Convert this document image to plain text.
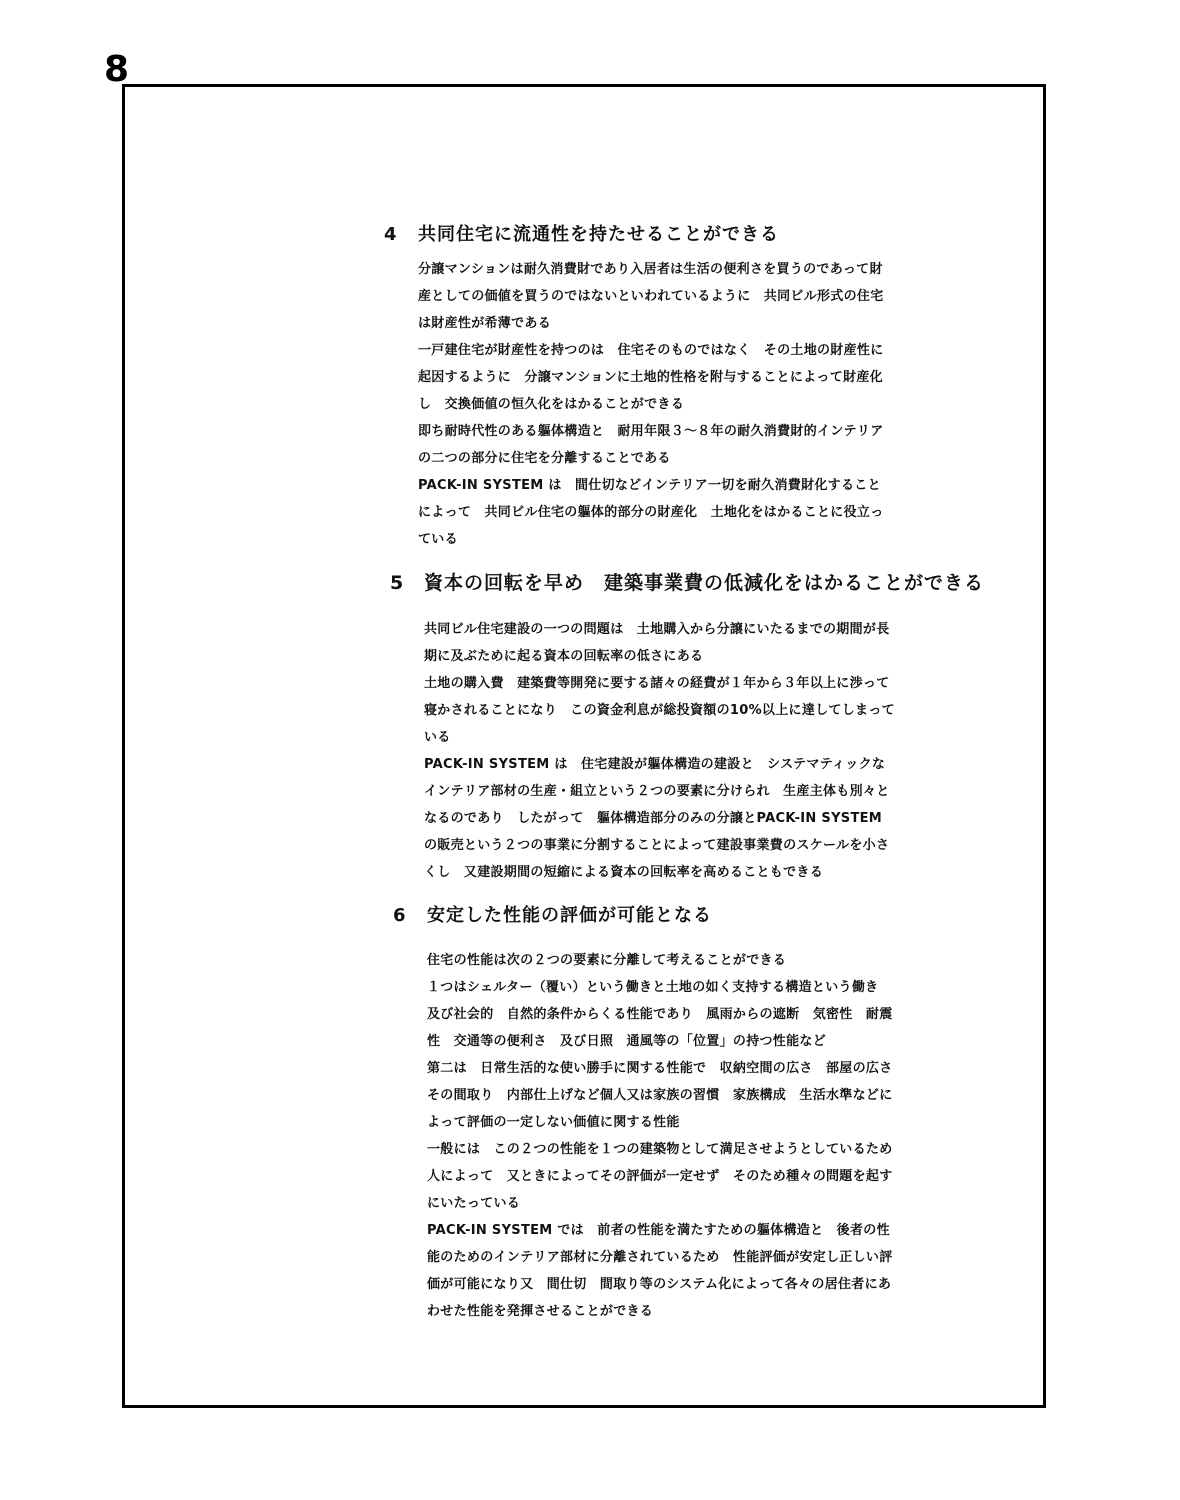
8
4 共同住宅に流通性を持たせることができる
分譲マンションは耐久消費財であり入居者は生活の便利さを買うのであって財
産としての価値を買うのではないといわれているように　共同ビル形式の住宅
は財産性が希薄である
一戸建住宅が財産性を持つのは　住宅そのものではなく　その土地の財産性に
起因するように　分譲マンションに土地的性格を附与することによって財産化
し　交換価値の恒久化をはかることができる
即ち耐時代性のある軀体構造と　耐用年限３～８年の耐久消費財的インテリア
の二つの部分に住宅を分離することである
PACK-IN SYSTEM は　間仕切などインテリア一切を耐久消費財化すること
によって　共同ビル住宅の軀体的部分の財産化　土地化をはかることに役立っ
ている
5 資本の回転を早め　建築事業費の低減化をはかることができる
共同ビル住宅建設の一つの問題は　土地購入から分譲にいたるまでの期間が長
期に及ぶために起る資本の回転率の低さにある
土地の購入費　建築費等開発に要する諸々の経費が１年から３年以上に渉って
寝かされることになり　この資金利息が総投資額の10%以上に達してしまって
いる
PACK-IN SYSTEM は　住宅建設が軀体構造の建設と　システマティックな
インテリア部材の生産・組立という２つの要素に分けられ　生産主体も別々と
なるのであり　したがって　軀体構造部分のみの分譲とPACK-IN SYSTEM
の販売という２つの事業に分割することによって建設事業費のスケールを小さ
くし　又建設期間の短縮による資本の回転率を高めることもできる
6 安定した性能の評価が可能となる
住宅の性能は次の２つの要素に分離して考えることができる
１つはシェルター（覆い）という働きと土地の如く支持する構造という働き
及び社会的　自然的条件からくる性能であり　風雨からの遮断　気密性　耐震
性　交通等の便利さ　及び日照　通風等の「位置」の持つ性能など
第二は　日常生活的な使い勝手に関する性能で　収納空間の広さ　部屋の広さ
その間取り　内部仕上げなど個人又は家族の習慣　家族構成　生活水準などに
よって評価の一定しない価値に関する性能
一般には　この２つの性能を１つの建築物として満足させようとしているため
人によって　又ときによってその評価が一定せず　そのため種々の問題を起す
にいたっている
PACK-IN SYSTEM では　前者の性能を満たすための軀体構造と　後者の性
能のためのインテリア部材に分離されているため　性能評価が安定し正しい評
価が可能になり又　間仕切　間取り等のシステム化によって各々の居住者にあ
わせた性能を発揮させることができる
